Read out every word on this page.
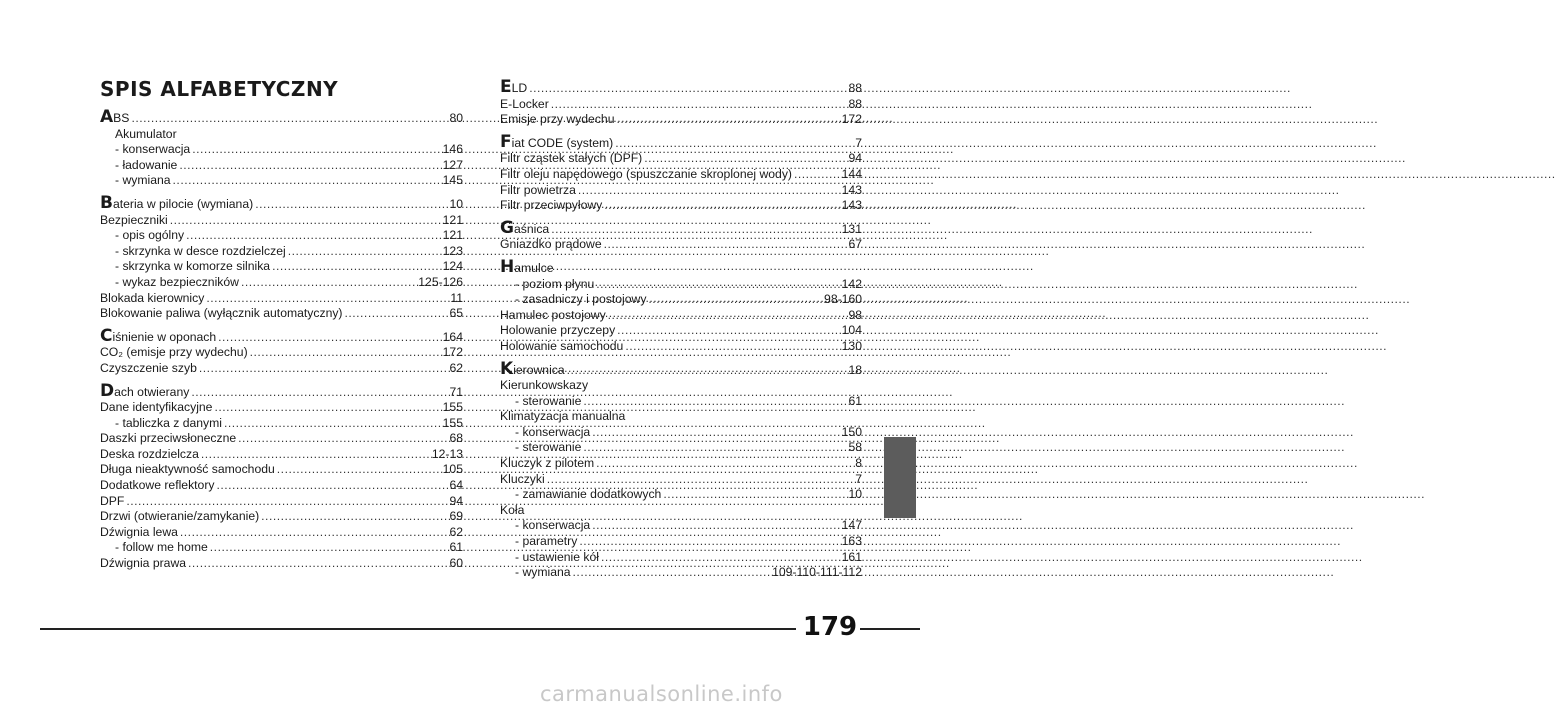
SPIS ALFABETYCZNY
ABS .....	80
Akumulator
- konserwacja .....	146
- ładowanie .....	127
- wymiana .....	145
Bateria w pilocie (wymiana) .....	10
Bezpieczniki .....	121
- opis ogólny .....	121
- skrzynka w desce rozdzielczej .....	123
- skrzynka w komorze silnika .....	124
- wykaz bezpieczników .....	125-126
Blokada kierownicy .....	11
Blokowanie paliwa (wyłącznik automatyczny) .....	65
Ciśnienie w oponach .....	164
CO₂ (emisje przy wydechu) .....	172
Czyszczenie szyb .....	62
Dach otwierany .....	71
Dane identyfikacyjne .....	155
- tabliczka z danymi .....	155
Daszki przeciwsłoneczne .....	68
Deska rozdzielcza .....	12-13
Długa nieaktywność samochodu .....	105
Dodatkowe reflektory .....	64
DPF .....	94
Drzwi (otwieranie/zamykanie) .....	69
Dźwignia lewa .....	62
- follow me home .....	61
Dźwignia prawa .....	60
ELD .....	88
E-Locker .....	88
Emisje przy wydechu .....	172
Fiat CODE (system) .....	7
Filtr cząstek stałych (DPF) .....	94
Filtr oleju napędowego (spuszczanie skroplonej wody) .....	144
Filtr powietrza .....	143
Filtr przeciwpyłowy .....	143
Gaśnica .....	131
Gniazdko prądowe .....	67
Hamulce
- poziom płynu .....	142
- zasadniczy i postojowy .....	98-160
Hamulec postojowy .....	98
Holowanie przyczepy .....	104
Holowanie samochodu .....	130
Kierownica .....	18
Kierunkowskazy
- sterowanie .....	61
Klimatyzacja manualna
- konserwacja .....	150
- sterowanie .....	58
Kluczyk z pilotem .....	8
Kluczyki .....	7
- zamawianie dodatkowych .....	10
Koła
- konserwacja .....	147
- parametry .....	163
- ustawienie kół .....	161
- wymiana .....	109-110-111-112
179
carmanualsonline.info
